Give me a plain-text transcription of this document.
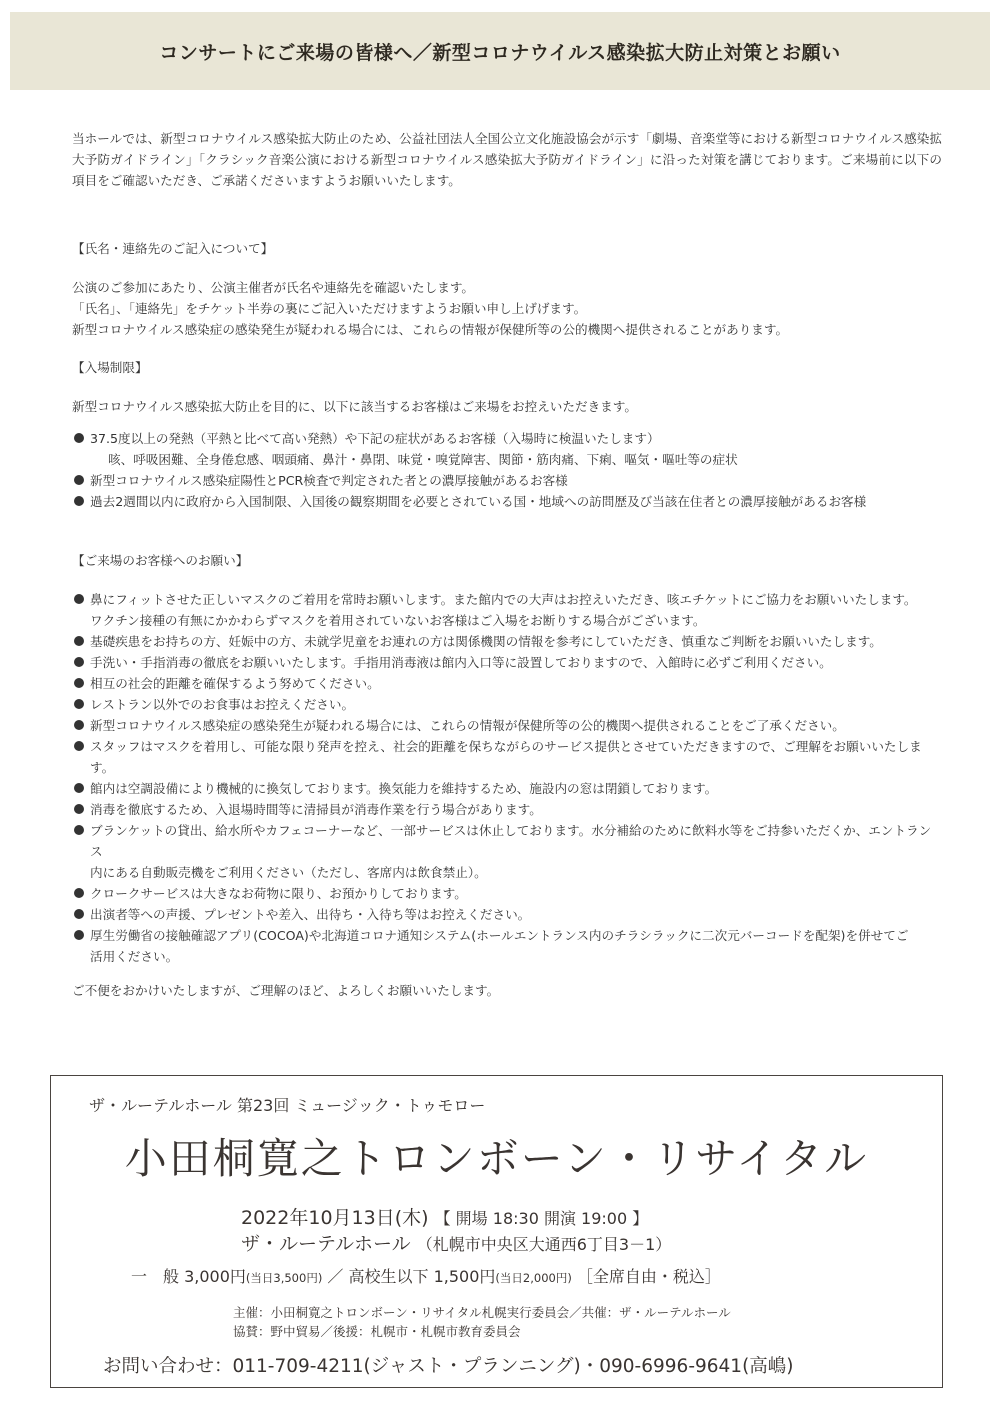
コンサートにご来場の皆様へ／新型コロナウイルス感染拡大防止対策とお願い

当ホールでは、新型コロナウイルス感染拡大防止のため、公益社団法人全国公立文化施設協会が示す「劇場、音楽堂等における新型コロナウイルス感染拡大予防ガイドライン」「クラシック音楽公演における新型コロナウイルス感染拡大予防ガイドライン」に沿った対策を講じております。ご来場前に以下の項目をご確認いただき、ご承諾くださいますようお願いいたします。

【氏名・連絡先のご記入について】

公演のご参加にあたり、公演主催者が氏名や連絡先を確認いたします。

「氏名」、「連絡先」をチケット半券の裏にご記入いただけますようお願い申し上げげます。

新型コロナウイルス感染症の感染発生が疑われる場合には、これらの情報が保健所等の公的機関へ提供されることがあります。

【入場制限】

新型コロナウイルス感染拡大防止を目的に、以下に該当するお客様はご来場をお控えいただきます。

37.5度以上の発熱（平熱と比べて高い発熱）や下記の症状があるお客様（入場時に検温いたします）
咳、呼吸困難、全身倦怠感、咽頭痛、鼻汁・鼻閉、味覚・嗅覚障害、関節・筋肉痛、下痢、嘔気・嘔吐等の症状
新型コロナウイルス感染症陽性とPCR検査で判定された者との濃厚接触があるお客様
過去2週間以内に政府から入国制限、入国後の観察期間を必要とされている国・地域への訪問歴及び当該在住者との濃厚接触があるお客様

【ご来場のお客様へのお願い】

鼻にフィットさせた正しいマスクのご着用を常時お願いします。また館内での大声はお控えいただき、咳エチケットにご協力をお願いいたします。
ワクチン接種の有無にかかわらずマスクを着用されていないお客様はご入場をお断りする場合がございます。
基礎疾患をお持ちの方、妊娠中の方、未就学児童をお連れの方は関係機関の情報を参考にしていただき、慎重なご判断をお願いいたします。
手洗い・手指消毒の徹底をお願いいたします。手指用消毒液は館内入口等に設置しておりますので、入館時に必ずご利用ください。
相互の社会的距離を確保するよう努めてください。
レストラン以外でのお食事はお控えください。
新型コロナウイルス感染症の感染発生が疑われる場合には、これらの情報が保健所等の公的機関へ提供されることをご了承ください。
スタッフはマスクを着用し、可能な限り発声を控え、社会的距離を保ちながらのサービス提供とさせていただきますので、ご理解をお願いいたします。
館内は空調設備により機械的に換気しております。換気能力を維持するため、施設内の窓は閉鎖しております。
消毒を徹底するため、入退場時間等に清掃員が消毒作業を行う場合があります。
ブランケットの貸出、給水所やカフェコーナーなど、一部サービスは休止しております。水分補給のために飲料水等をご持参いただくか、エントランス
内にある自動販売機をご利用ください（ただし、客席内は飲食禁止）。
クロークサービスは大きなお荷物に限り、お預かりしております。
出演者等への声援、プレゼントや差入、出待ち・入待ち等はお控えください。
厚生労働省の接触確認アプリ(COCOA)や北海道コロナ通知システム(ホールエントランス内のチラシラックに二次元バーコードを配架)を併せてご
活用ください。

ご不便をおかけいたしますが、ご理解のほど、よろしくお願いいたします。

ザ・ルーテルホール 第23回 ミュージック・トゥモロー
小田桐寛之トロンボーン・リサイタル
2022年10月13日(木) 【 開場 18:30 開演 19:00 】
ザ・ルーテルホール （札幌市中央区大通西6丁目3－1）
一　般 3,000円(当日3,500円) ／ 高校生以下 1,500円(当日2,000円) ［全席自由・税込］
主催：小田桐寛之トロンボーン・リサイタル札幌実行委員会／共催：ザ・ルーテルホール
協賛：野中貿易／後援：札幌市・札幌市教育委員会
お問い合わせ：011-709-4211(ジャスト・プランニング)・090-6996-9641(高嶋)
